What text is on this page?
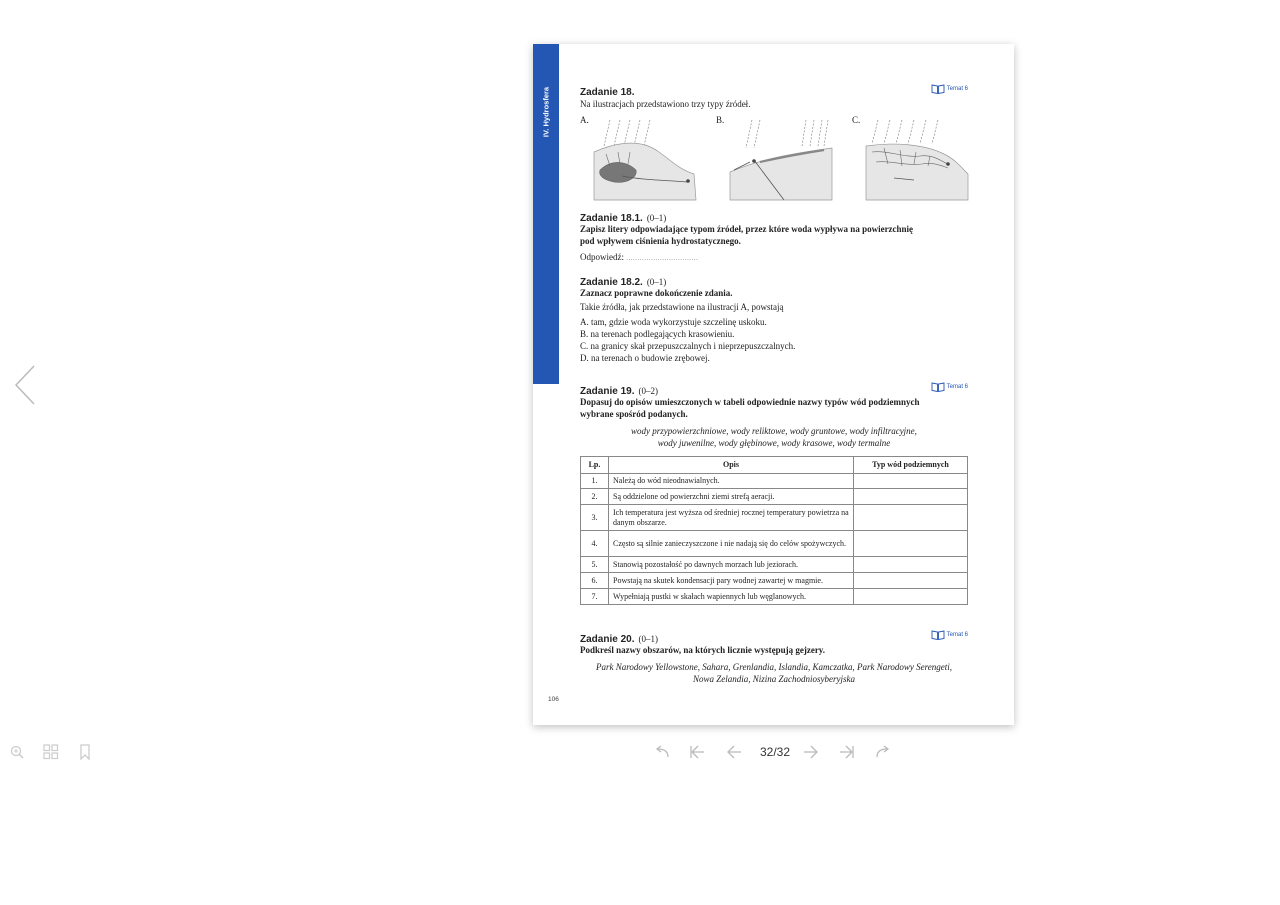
IV. Hydrosfera	Zadanie 18.	Temat 6
Na ilustracjach przedstawiono trzy typy źródeł.
A.	B.	C.
Zadanie 18.1. (0–1)
Zapisz litery odpowiadające typom źródeł, przez które woda wypływa na powierzchnię
pod wpływem ciśnienia hydrostatycznego.
Odpowiedź: ................................
Zadanie 18.2. (0–1)
Zaznacz poprawne dokończenie zdania.
Takie źródła, jak przedstawione na ilustracji A, powstają
A. tam, gdzie woda wykorzystuje szczelinę uskoku.
B. na terenach podlegających krasowieniu.
C. na granicy skał przepuszczalnych i nieprzepuszczalnych.
D. na terenach o budowie zrębowej.
Zadanie 19. (0–2)	Temat 6
Dopasuj do opisów umieszczonych w tabeli odpowiednie nazwy typów wód podziemnych
wybrane spośród podanych.
wody przypowierzchniowe, wody reliktowe, wody gruntowe, wody infiltracyjne,
wody juwenilne, wody głębinowe, wody krasowe, wody termalne
Lp.	Opis	Typ wód podziemnych
1.	Należą do wód nieodnawialnych.	
2.	Są oddzielone od powierzchni ziemi strefą aeracji.	
3.	Ich temperatura jest wyższa od średniej rocznej temperatury powietrza na danym obszarze.	
4.	Często są silnie zanieczyszczone i nie nadają się do celów spożywczych.	
5.	Stanowią pozostałość po dawnych morzach lub jeziorach.	
6.	Powstają na skutek kondensacji pary wodnej zawartej w magmie.	
7.	Wypełniają pustki w skałach wapiennych lub węglanowych.	
Zadanie 20. (0–1)	Temat 6
Podkreśl nazwy obszarów, na których licznie występują gejzery.
Park Narodowy Yellowstone, Sahara, Grenlandia, Islandia, Kamczatka, Park Narodowy Serengeti,
Nowa Zelandia, Nizina Zachodniosyberyjska
106
32/32
